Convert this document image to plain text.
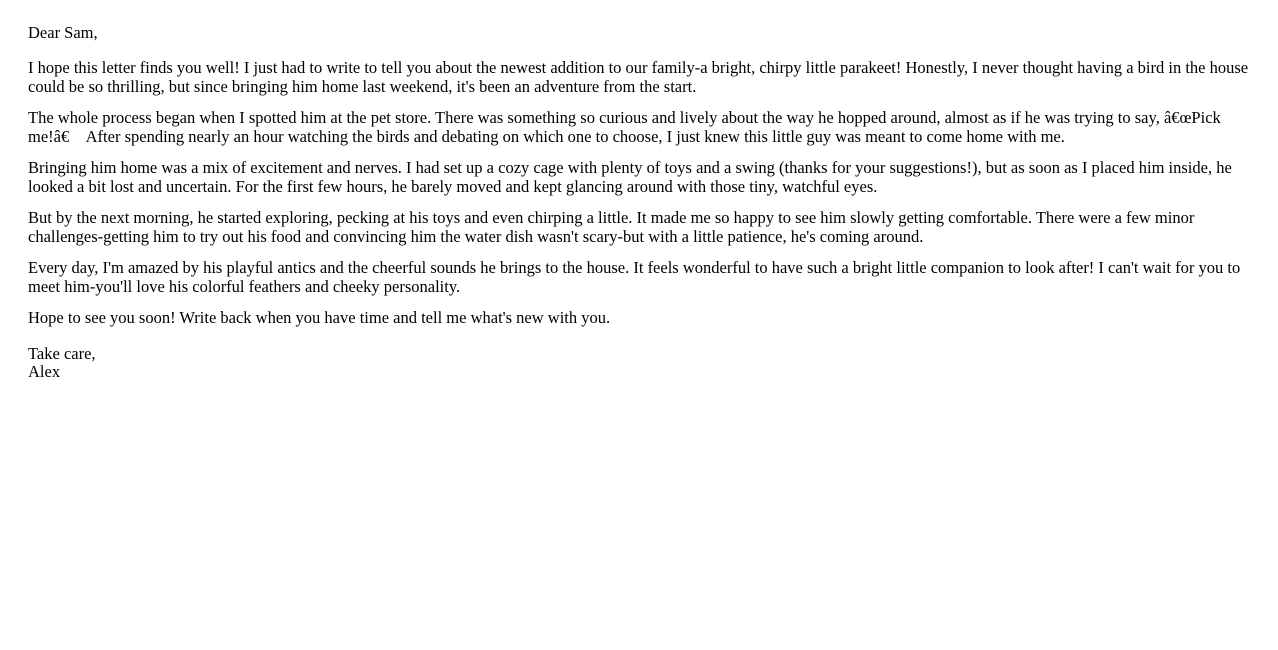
Dear Sam,

I hope this letter finds you well! I just had to write to tell you about the newest addition to our family-a bright, chirpy little parakeet! Honestly, I never thought having a bird in the house could be so thrilling, but since bringing him home last weekend, it's been an adventure from the start.

The whole process began when I spotted him at the pet store. There was something so curious and lively about the way he hopped around, almost as if he was trying to say, â€œPick me!â€ After spending nearly an hour watching the birds and debating on which one to choose, I just knew this little guy was meant to come home with me.

Bringing him home was a mix of excitement and nerves. I had set up a cozy cage with plenty of toys and a swing (thanks for your suggestions!), but as soon as I placed him inside, he looked a bit lost and uncertain. For the first few hours, he barely moved and kept glancing around with those tiny, watchful eyes.

But by the next morning, he started exploring, pecking at his toys and even chirping a little. It made me so happy to see him slowly getting comfortable. There were a few minor challenges-getting him to try out his food and convincing him the water dish wasn't scary-but with a little patience, he's coming around.

Every day, I'm amazed by his playful antics and the cheerful sounds he brings to the house. It feels wonderful to have such a bright little companion to look after! I can't wait for you to meet him-you'll love his colorful feathers and cheeky personality.

Hope to see you soon! Write back when you have time and tell me what's new with you.

Take care,
Alex
